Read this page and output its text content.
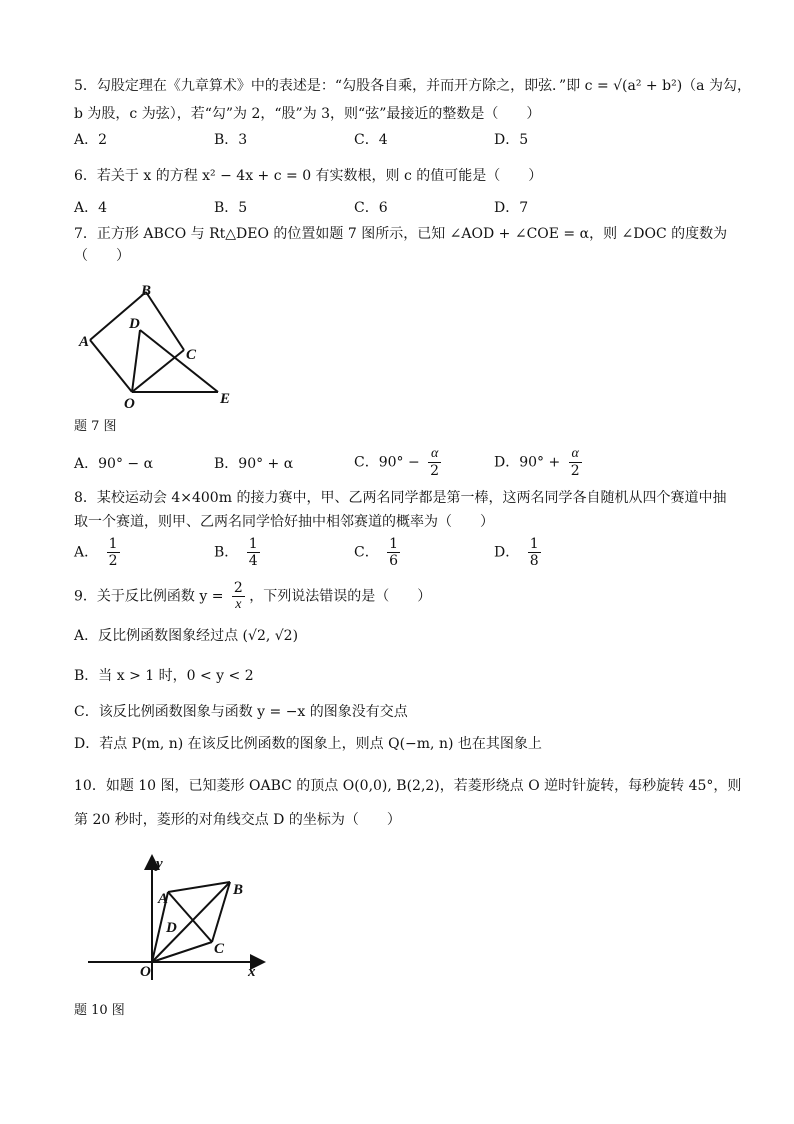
5．勾股定理在《九章算术》中的表述是：“勾股各自乘，并而开方除之，即弦．”即 c = √(a² + b²)（a 为勾，
b 为股，c 为弦），若“勾”为 2，“股”为 3，则“弦”最接近的整数是（　　）
A．2	B．3	C．4	D．5
6．若关于 x 的方程 x² − 4x + c = 0 有实数根，则 c 的值可能是（　　）
A．4	B．5	C．6	D．7
7．正方形 ABCO 与 Rt△DEO 的位置如题 7 图所示，已知 ∠AOD + ∠COE = α，则 ∠DOC 的度数为
（　　）
A
B
C
D
O	E
题 7 图
A．90° − α	B．90° + α	C．$90^\circ - \frac{\alpha}{2}$	D．$90^\circ + \frac{\alpha}{2}$
8．某校运动会 4×400m 的接力赛中，甲、乙两名同学都是第一棒，这两名同学各自随机从四个赛道中抽
取一个赛道，则甲、乙两名同学恰好抽中相邻赛道的概率为（　　）
A． $\frac{1}{2}$	B． $\frac{1}{4}$	C． $\frac{1}{6}$	D． $\frac{1}{8}$
9．关于反比例函数 $y = \frac{2}{x}$ ，下列说法错误的是（　　）
A．反比例函数图象经过点 (√2, √2)
B．当 x > 1 时，0 < y < 2
C．该反比例函数图象与函数 y = −x 的图象没有交点
D．若点 P(m, n) 在该反比例函数的图象上，则点 Q(−m, n) 也在其图象上
10．如题 10 图，已知菱形 OABC 的顶点 O(0,0), B(2,2)，若菱形绕点 O 逆时针旋转，每秒旋转 45°，则
第 20 秒时，菱形的对角线交点 D 的坐标为（　　）
y
A
B
D
C
O	x
题 10 图
